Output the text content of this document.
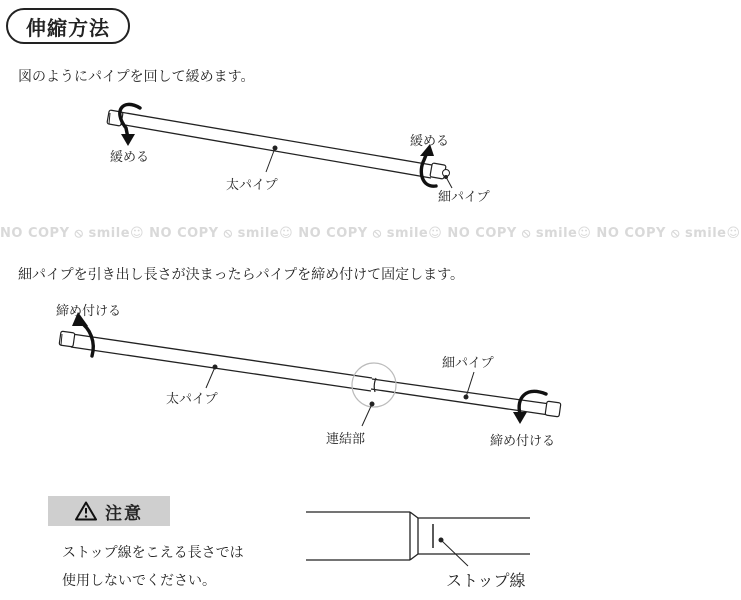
伸縮方法
図のようにパイプを回して緩めます。
緩める
緩める
太パイプ
細パイプ
NO COPY ⦸ smile☺ NO COPY ⦸ smile☺ NO COPY ⦸ smile☺ NO COPY ⦸ smile☺ NO COPY ⦸ smile☺
細パイプを引き出し長さが決まったらパイプを締め付けて固定します。
締め付ける
太パイプ
細パイプ
連結部	締め付ける
注意
ストップ線をこえる長さでは
使用しないでください。	ストップ線
